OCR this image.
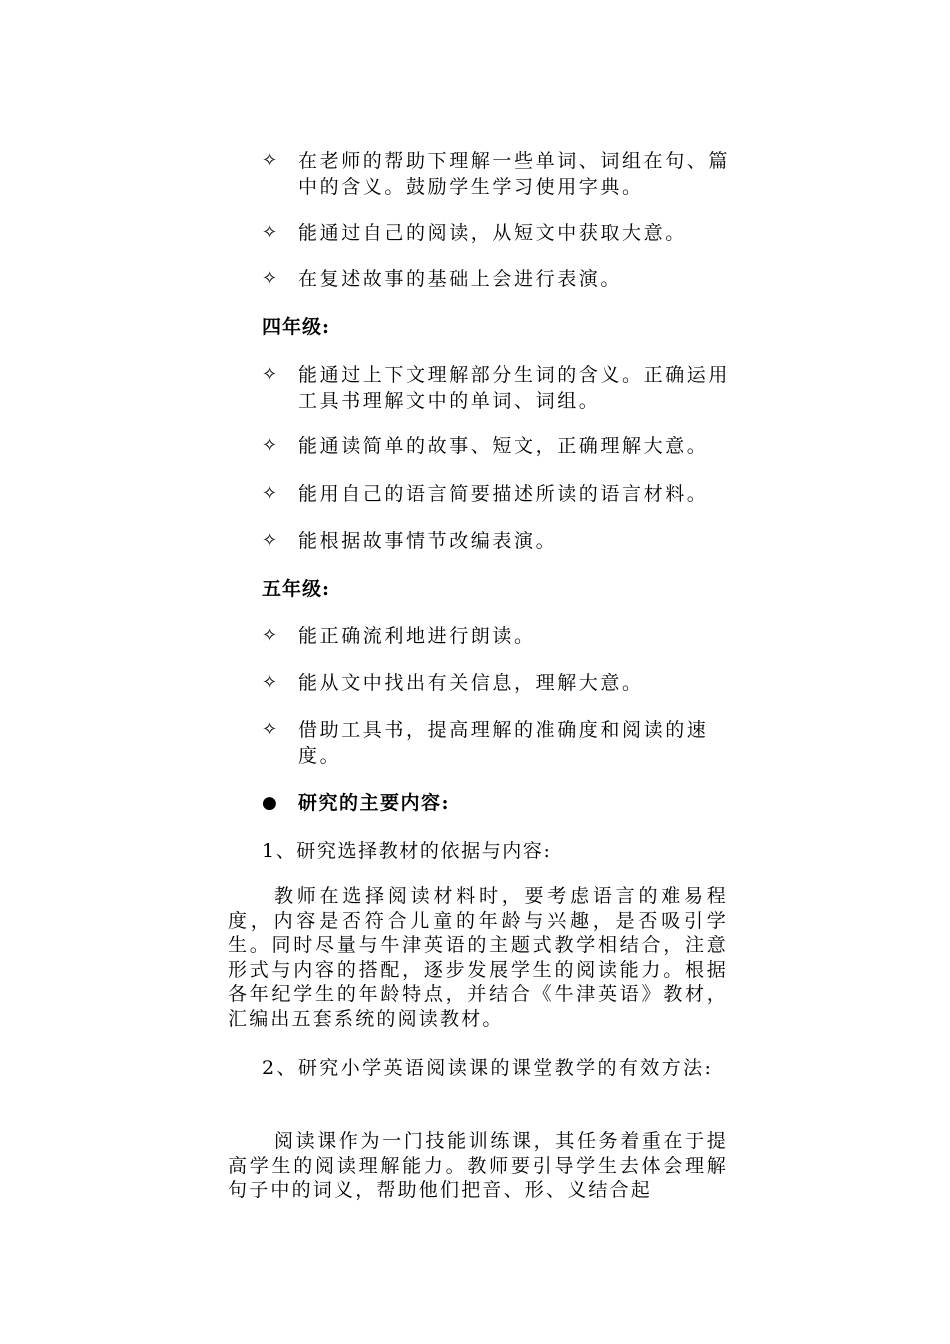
✧ 在老师的帮助下理解一些单词、词组在句、篇中的含义。鼓励学生学习使用字典。
✧ 能通过自己的阅读，从短文中获取大意。
✧ 在复述故事的基础上会进行表演。
四年级:
✧ 能通过上下文理解部分生词的含义。正确运用工具书理解文中的单词、词组。
✧ 能通读简单的故事、短文，正确理解大意。
✧ 能用自己的语言简要描述所读的语言材料。
✧ 能根据故事情节改编表演。
五年级:
✧ 能正确流利地进行朗读。
✧ 能从文中找出有关信息，理解大意。
✧ 借助工具书，提高理解的准确度和阅读的速度。
● 研究的主要内容:
1、研究选择教材的依据与内容:
教师在选择阅读材料时，要考虑语言的难易程度，内容是否符合儿童的年龄与兴趣，是否吸引学生。同时尽量与牛津英语的主题式教学相结合，注意形式与内容的搭配，逐步发展学生的阅读能力。根据各年纪学生的年龄特点，并结合《牛津英语》教材，汇编出五套系统的阅读教材。
2、研究小学英语阅读课的课堂教学的有效方法:
阅读课作为一门技能训练课，其任务着重在于提高学生的阅读理解能力。教师要引导学生去体会理解句子中的词义，帮助他们把音、形、义结合起
